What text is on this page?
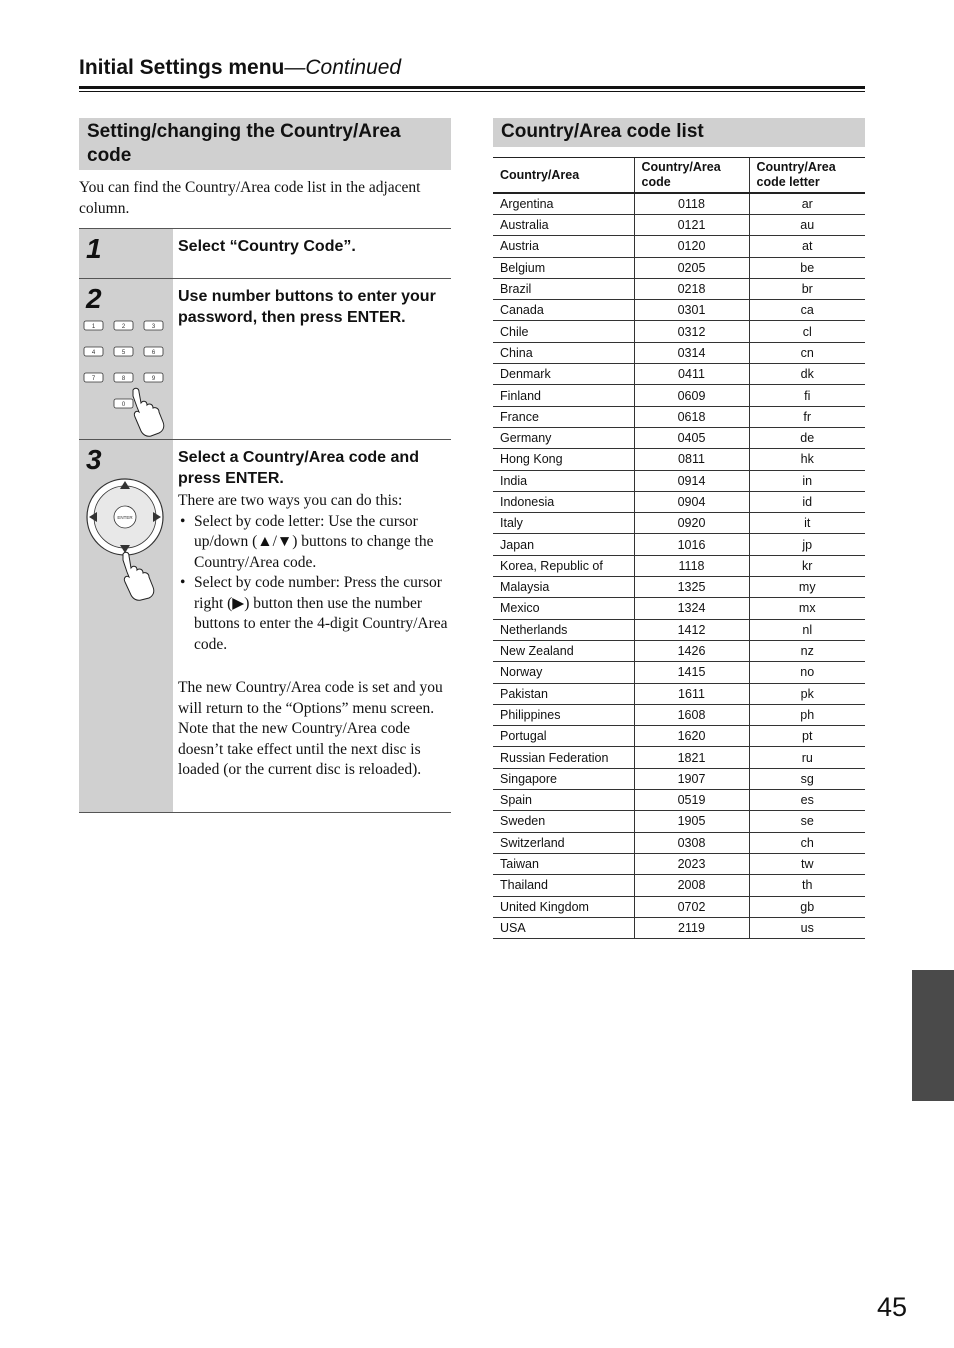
Initial Settings menu—Continued
Setting/changing the Country/Area code
You can find the Country/Area code list in the adjacent column.
1	Select “Country Code”.
2
1	2	3
4	5	6
7	8	9
0
Use number buttons to enter your password, then press ENTER.
3
ENTER
Select a Country/Area code and press ENTER.
There are two ways you can do this:
• Select by code letter: Use the cursor up/down (▲/▼) buttons to change the Country/Area code.
• Select by code number: Press the cursor right (▶) button then use the number buttons to enter the 4-digit Country/Area code.
The new Country/Area code is set and you will return to the “Options” menu screen. Note that the new Country/Area code doesn’t take effect until the next disc is loaded (or the current disc is reloaded).
Country/Area code list
Country/Area	Country/Area code	Country/Area code letter
Argentina	0118	ar
Australia	0121	au
Austria	0120	at
Belgium	0205	be
Brazil	0218	br
Canada	0301	ca
Chile	0312	cl
China	0314	cn
Denmark	0411	dk
Finland	0609	fi
France	0618	fr
Germany	0405	de
Hong Kong	0811	hk
India	0914	in
Indonesia	0904	id
Italy	0920	it
Japan	1016	jp
Korea, Republic of	1118	kr
Malaysia	1325	my
Mexico	1324	mx
Netherlands	1412	nl
New Zealand	1426	nz
Norway	1415	no
Pakistan	1611	pk
Philippines	1608	ph
Portugal	1620	pt
Russian Federation	1821	ru
Singapore	1907	sg
Spain	0519	es
Sweden	1905	se
Switzerland	0308	ch
Taiwan	2023	tw
Thailand	2008	th
United Kingdom	0702	gb
USA	2119	us
45
